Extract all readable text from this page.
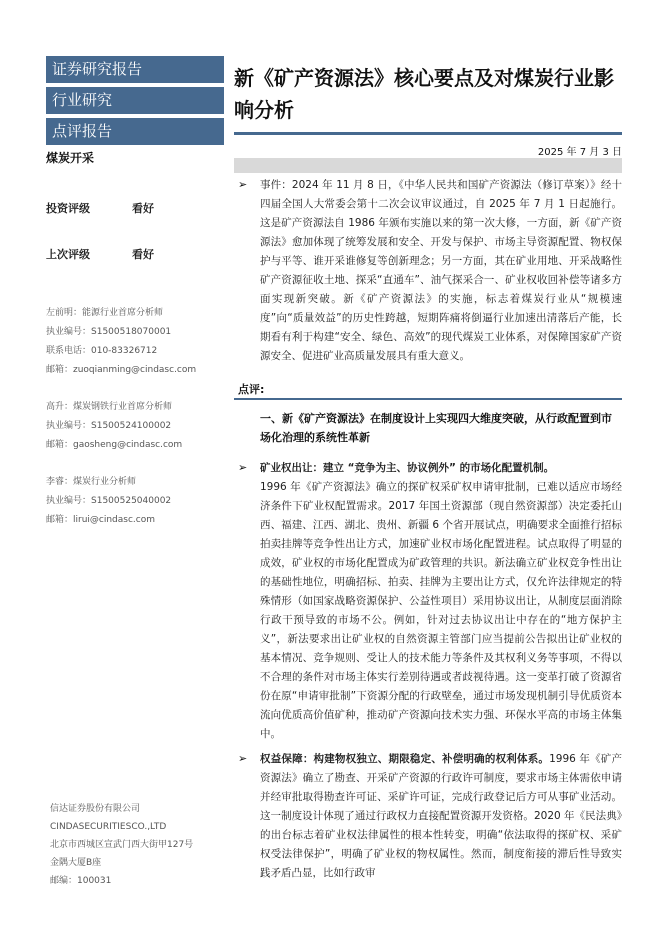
证券研究报告
行业研究
点评报告
煤炭开采
投资评级	看好
上次评级	看好
左前明：能源行业首席分析师
执业编号：S1500518070001
联系电话：010-83326712
邮箱：zuoqianming@cindasc.com
高升：煤炭钢铁行业首席分析师
执业编号：S1500524100002
邮箱：gaosheng@cindasc.com
李睿：煤炭行业分析师
执业编号：S1500525040002
邮箱：lirui@cindasc.com
信达证券股份有限公司
CINDASECURITIESCO.,LTD
北京市西城区宣武门西大街甲127号
金隅大厦B座
邮编：100031
新《矿产资源法》核心要点及对煤炭行业影响分析
2025 年 7 月 3 日
➢ 事件：2024 年 11 月 8 日，《中华人民共和国矿产资源法（修订草案）》经十四届全国人大常委会第十二次会议审议通过，自 2025 年 7 月 1 日起施行。这是矿产资源法自 1986 年颁布实施以来的第一次大修，一方面，新《矿产资源法》愈加体现了统筹发展和安全、开发与保护、市场主导资源配置、物权保护与平等、谁开采谁修复等创新理念；另一方面，其在矿业用地、开采战略性矿产资源征收土地、探采“直通车”、油气探采合一、矿业权收回补偿等诸多方面实现新突破。新《矿产资源法》的实施，标志着煤炭行业从“规模速度”向“质量效益”的历史性跨越，短期阵痛将倒逼行业加速出清落后产能，长期看有利于构建“安全、绿色、高效”的现代煤炭工业体系，对保障国家矿产资源安全、促进矿业高质量发展具有重大意义。
点评:
一、新《矿产资源法》在制度设计上实现四大维度突破，从行政配置到市场化治理的系统性革新
➢ 矿业权出让：建立 “竞争为主、协议例外” 的市场化配置机制。
1996 年《矿产资源法》确立的探矿权采矿权申请审批制，已难以适应市场经济条件下矿业权配置需求。2017 年国土资源部（现自然资源部）决定委托山西、福建、江西、湖北、贵州、新疆 6 个省开展试点，明确要求全面推行招标拍卖挂牌等竞争性出让方式，加速矿业权市场化配置进程。试点取得了明显的成效，矿业权的市场化配置成为矿政管理的共识。新法确立矿业权竞争性出让的基础性地位，明确招标、拍卖、挂牌为主要出让方式，仅允许法律规定的特殊情形（如国家战略资源保护、公益性项目）采用协议出让，从制度层面消除行政干预导致的市场不公。例如，针对过去协议出让中存在的“地方保护主义”，新法要求出让矿业权的自然资源主管部门应当提前公告拟出让矿业权的基本情况、竞争规则、受让人的技术能力等条件及其权利义务等事项，不得以不合理的条件对市场主体实行差别待遇或者歧视待遇。这一变革打破了资源省份在原“申请审批制”下资源分配的行政壁垒，通过市场发现机制引导优质资本流向优质高价值矿种，推动矿产资源向技术实力强、环保水平高的市场主体集中。
➢ 权益保障：构建物权独立、期限稳定、补偿明确的权利体系。1996 年《矿产资源法》确立了勘查、开采矿产资源的行政许可制度，要求市场主体需依申请并经审批取得勘查许可证、采矿许可证，完成行政登记后方可从事矿业活动。这一制度设计体现了通过行政权力直接配置资源开发资格。2020 年《民法典》的出台标志着矿业权法律属性的根本性转变，明确“依法取得的探矿权、采矿权受法律保护”，明确了矿业权的物权属性。然而，制度衔接的滞后性导致实践矛盾凸显，比如行政审
